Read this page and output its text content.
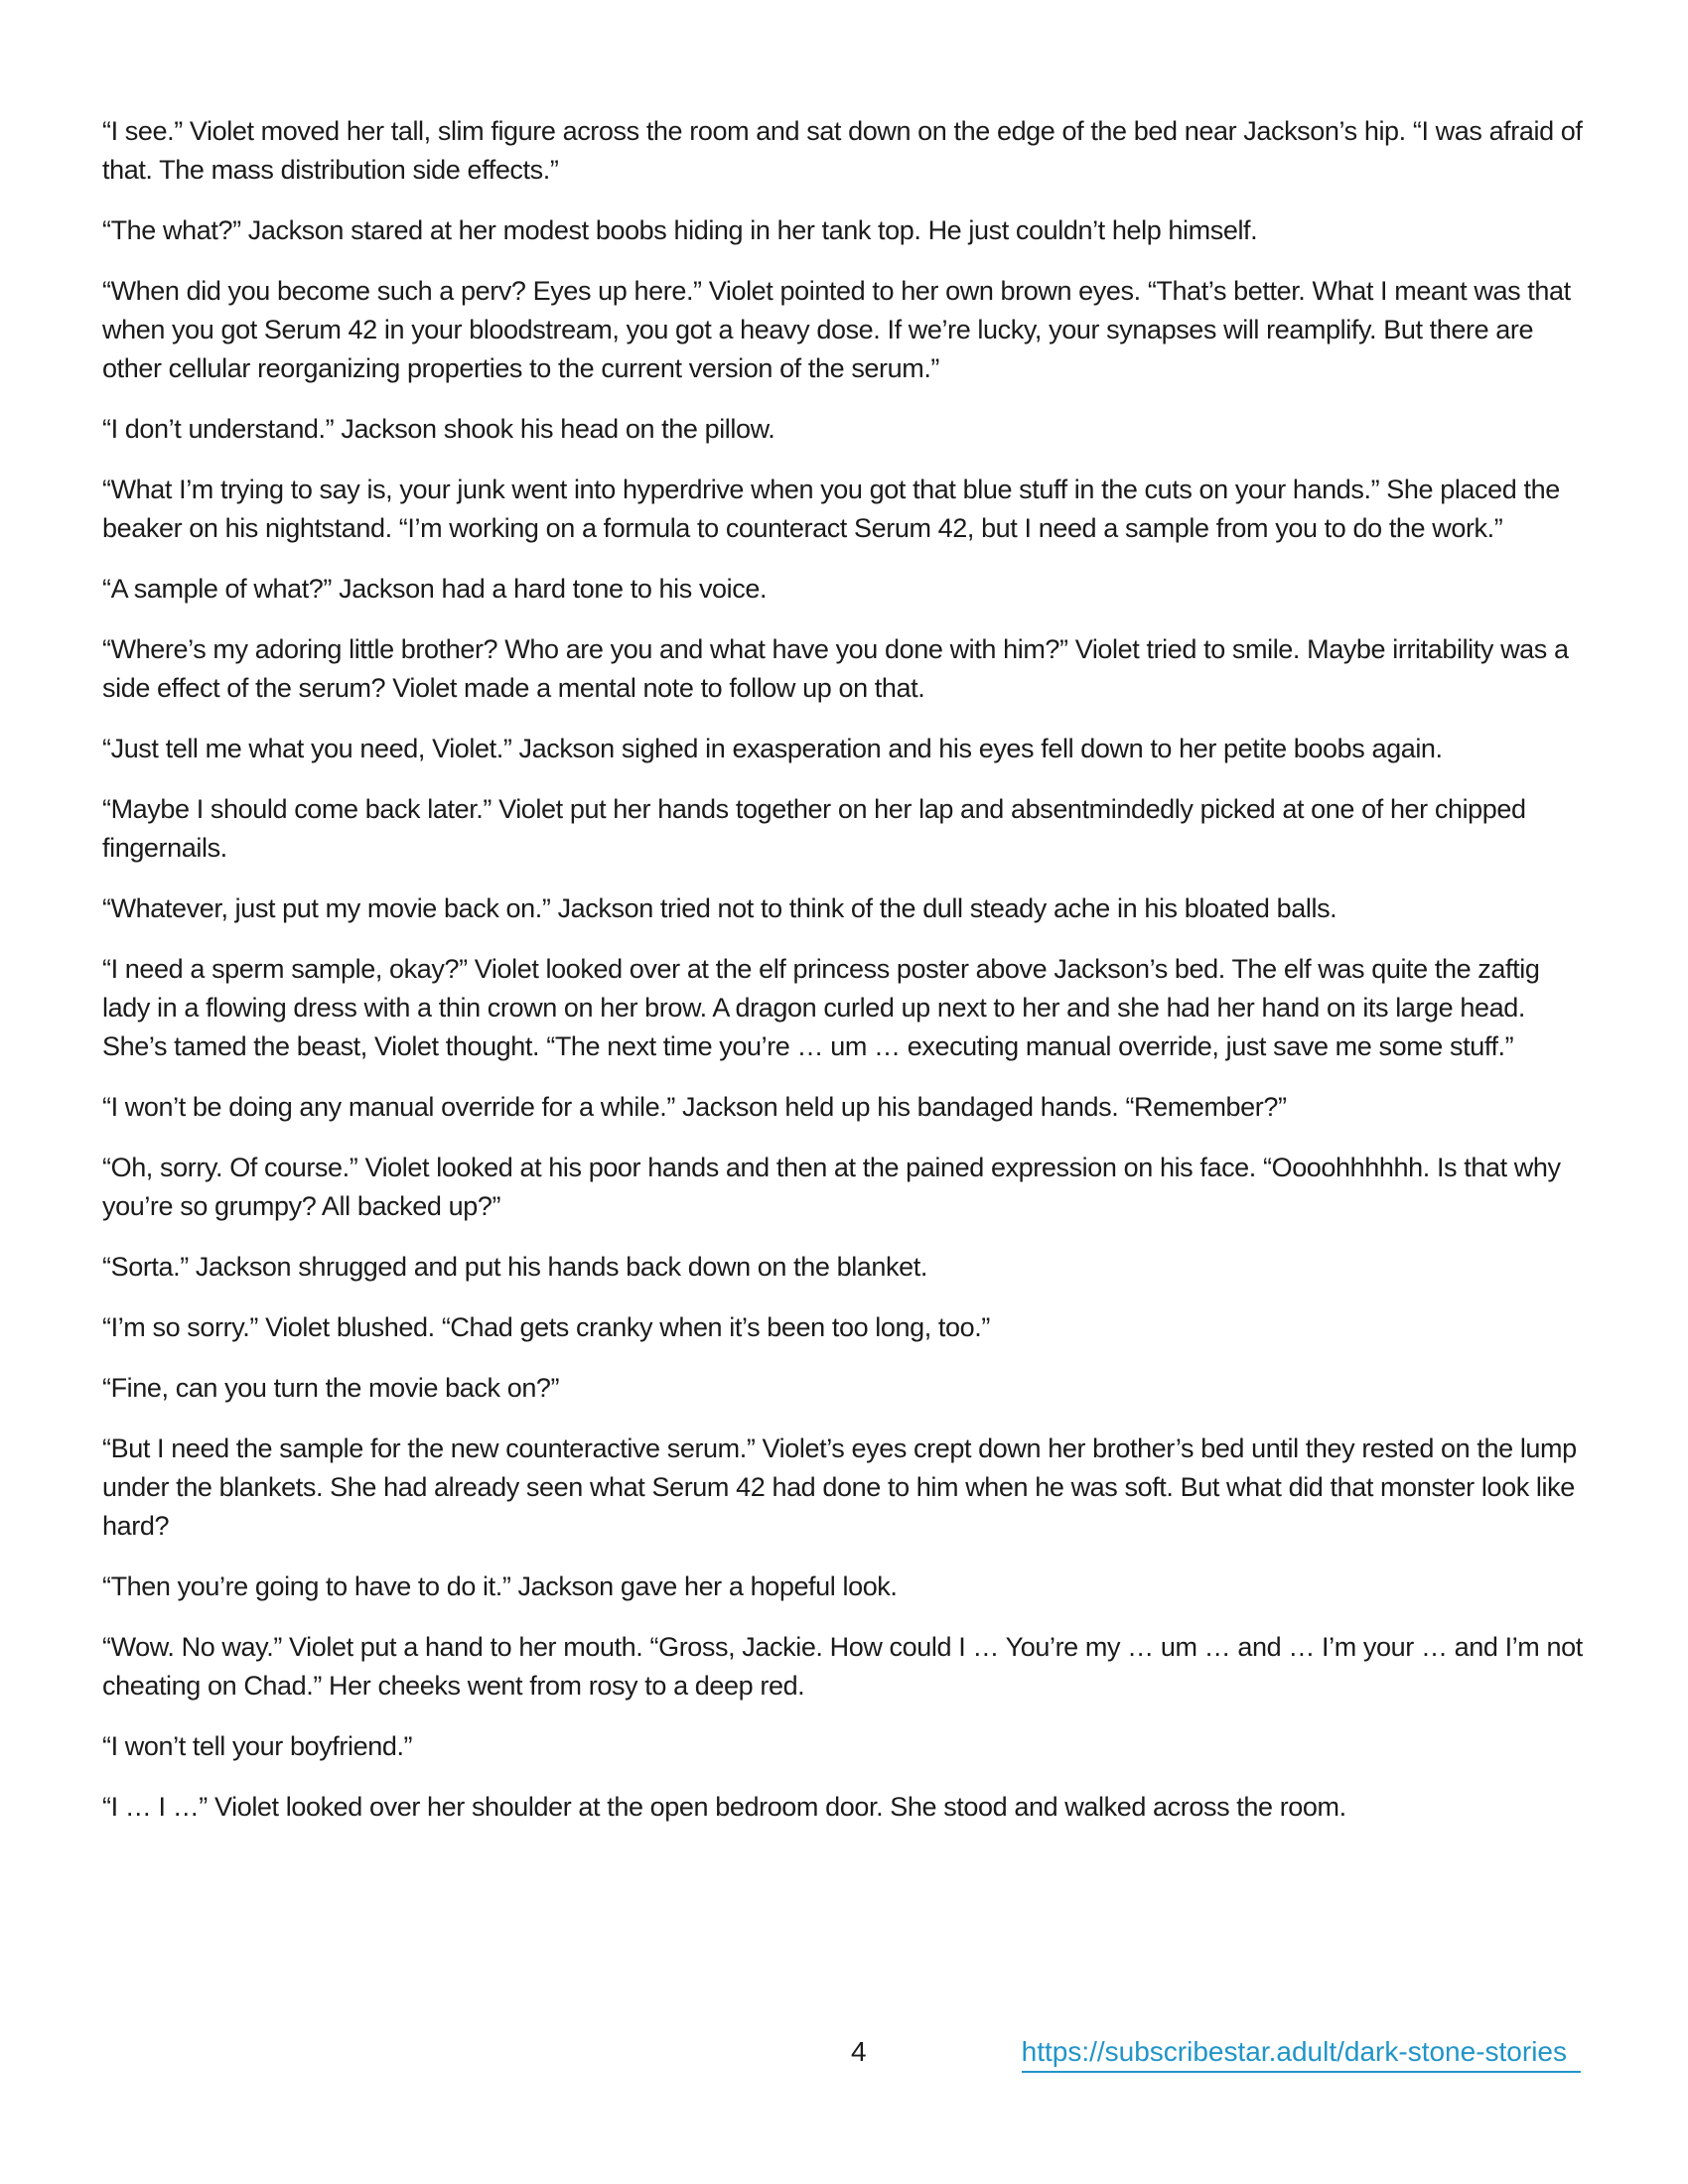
“I see.” Violet moved her tall, slim figure across the room and sat down on the edge of the bed near Jackson’s hip. “I was afraid of that. The mass distribution side effects.”

“The what?” Jackson stared at her modest boobs hiding in her tank top. He just couldn’t help himself.

“When did you become such a perv? Eyes up here.” Violet pointed to her own brown eyes. “That’s better. What I meant was that when you got Serum 42 in your bloodstream, you got a heavy dose. If we’re lucky, your synapses will reamplify. But there are other cellular reorganizing properties to the current version of the serum.”

“I don’t understand.” Jackson shook his head on the pillow.

“What I’m trying to say is, your junk went into hyperdrive when you got that blue stuff in the cuts on your hands.” She placed the beaker on his nightstand. “I’m working on a formula to counteract Serum 42, but I need a sample from you to do the work.”

“A sample of what?” Jackson had a hard tone to his voice.

“Where’s my adoring little brother? Who are you and what have you done with him?” Violet tried to smile. Maybe irritability was a side effect of the serum? Violet made a mental note to follow up on that.

“Just tell me what you need, Violet.” Jackson sighed in exasperation and his eyes fell down to her petite boobs again.

“Maybe I should come back later.” Violet put her hands together on her lap and absentmindedly picked at one of her chipped fingernails.

“Whatever, just put my movie back on.” Jackson tried not to think of the dull steady ache in his bloated balls.

“I need a sperm sample, okay?” Violet looked over at the elf princess poster above Jackson’s bed. The elf was quite the zaftig lady in a flowing dress with a thin crown on her brow. A dragon curled up next to her and she had her hand on its large head. She’s tamed the beast, Violet thought. “The next time you’re … um … executing manual override, just save me some stuff.”

“I won’t be doing any manual override for a while.” Jackson held up his bandaged hands. “Remember?”

“Oh, sorry. Of course.” Violet looked at his poor hands and then at the pained expression on his face. “Oooohhhhhh. Is that why you’re so grumpy? All backed up?”

“Sorta.” Jackson shrugged and put his hands back down on the blanket.

“I’m so sorry.” Violet blushed. “Chad gets cranky when it’s been too long, too.”

“Fine, can you turn the movie back on?”

“But I need the sample for the new counteractive serum.” Violet’s eyes crept down her brother’s bed until they rested on the lump under the blankets. She had already seen what Serum 42 had done to him when he was soft. But what did that monster look like hard?

“Then you’re going to have to do it.” Jackson gave her a hopeful look.

“Wow. No way.” Violet put a hand to her mouth. “Gross, Jackie. How could I … You’re my … um … and … I’m your … and I’m not cheating on Chad.” Her cheeks went from rosy to a deep red.

“I won’t tell your boyfriend.”

“I … I …” Violet looked over her shoulder at the open bedroom door. She stood and walked across the room.

4	https://subscribestar.adult/dark-stone-stories
